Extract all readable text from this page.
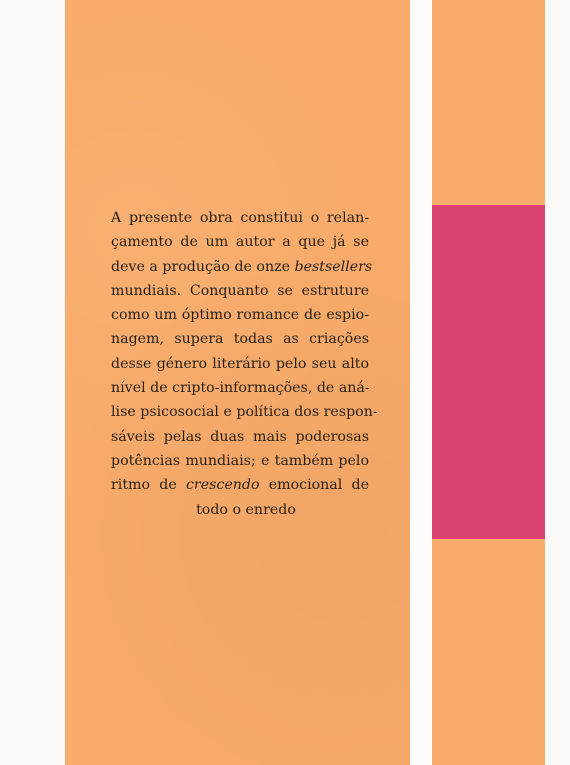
A presente obra constitui o relan-
çamento de um autor a que já se
deve a produção de onze bestsellers
mundiais. Conquanto se estruture
como um óptimo romance de espio-
nagem, supera todas as criações
desse género literário pelo seu alto
nível de cripto-informações, de aná-
lise psicosocial e política dos respon-
sáveis pelas duas mais poderosas
potências mundiais; e também pelo
ritmo de crescendo emocional de
todo o enredo
